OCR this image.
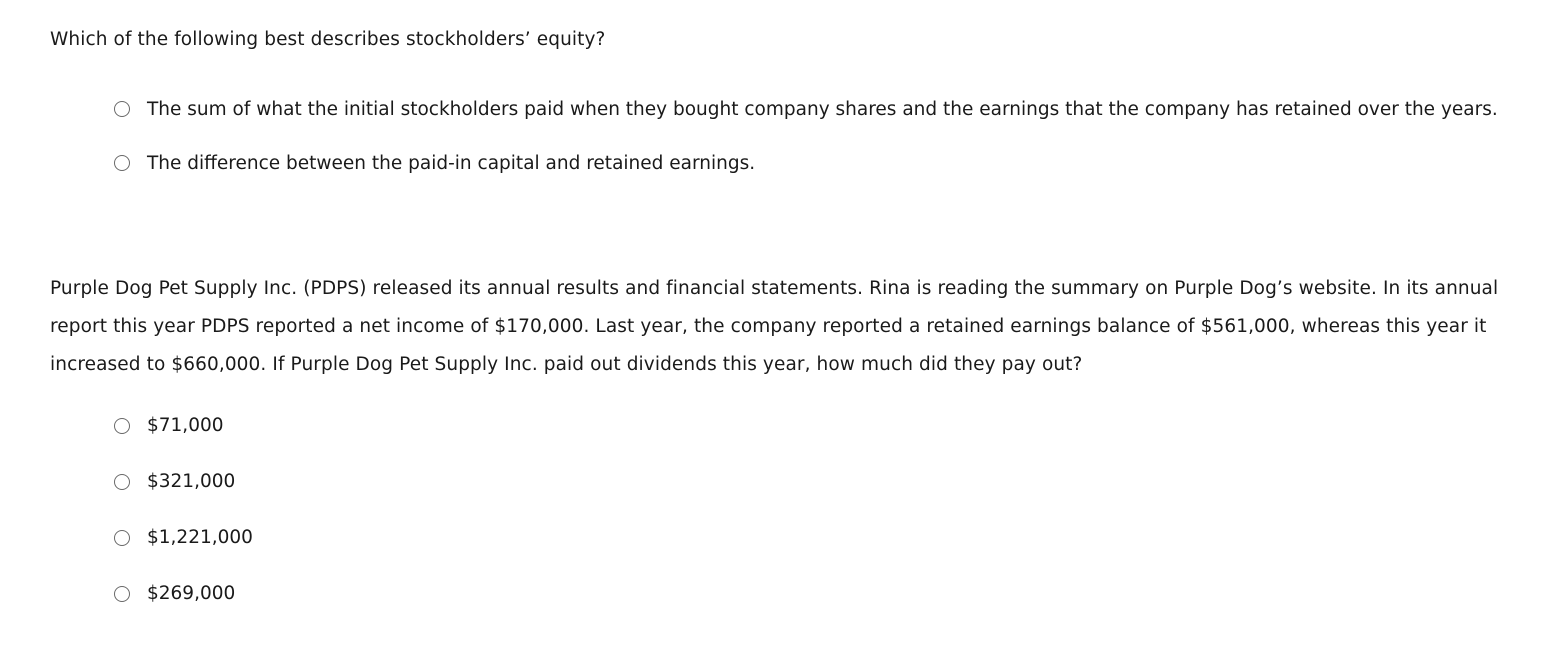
Which of the following best describes stockholders’ equity?
The sum of what the initial stockholders paid when they bought company shares and the earnings that the company has retained over the years.
The difference between the paid-in capital and retained earnings.
Purple Dog Pet Supply Inc. (PDPS) released its annual results and financial statements. Rina is reading the summary on Purple Dog’s website. In its annual report this year PDPS reported a net income of $170,000. Last year, the company reported a retained earnings balance of $561,000, whereas this year it increased to $660,000. If Purple Dog Pet Supply Inc. paid out dividends this year, how much did they pay out?
$71,000
$321,000
$1,221,000
$269,000
